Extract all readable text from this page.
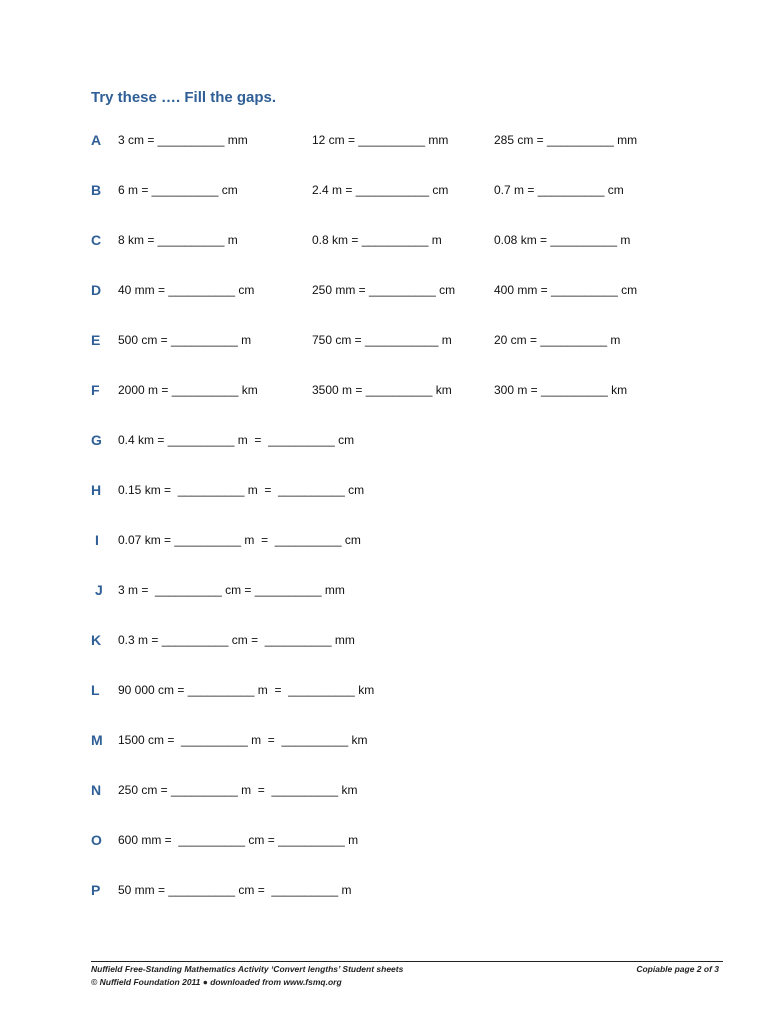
Try these …. Fill the gaps.
A 3 cm = __________ mm	12 cm = __________ mm	285 cm = __________ mm
B 6 m = __________ cm	2.4 m = ___________ cm	0.7 m = __________ cm
C 8 km = __________ m	0.8 km = __________ m	0.08 km = __________ m
D 40 mm = __________ cm	250 mm = __________ cm	400 mm = __________ cm
E 500 cm = __________ m	750 cm = ___________ m	20 cm = __________ m
F 2000 m = __________ km	3500 m = __________ km	300 m = __________ km
G 0.4 km = __________ m  =  __________ cm
H 0.15 km =  __________ m  =  __________ cm
I 0.07 km = __________ m  =  __________ cm
J 3 m =  __________ cm = __________ mm
K 0.3 m = __________ cm =  __________ mm
L 90 000 cm = __________ m  =  __________ km
M 1500 cm =  __________ m  =  __________ km
N 250 cm = __________ m  =  __________ km
O 600 mm =  __________ cm = __________ m
P 50 mm = __________ cm =  __________ m
Nuffield Free-Standing Mathematics Activity ‘Convert lengths’ Student sheets
© Nuffield Foundation 2011 ● downloaded from www.fsmq.org
Copiable page 2 of 3
